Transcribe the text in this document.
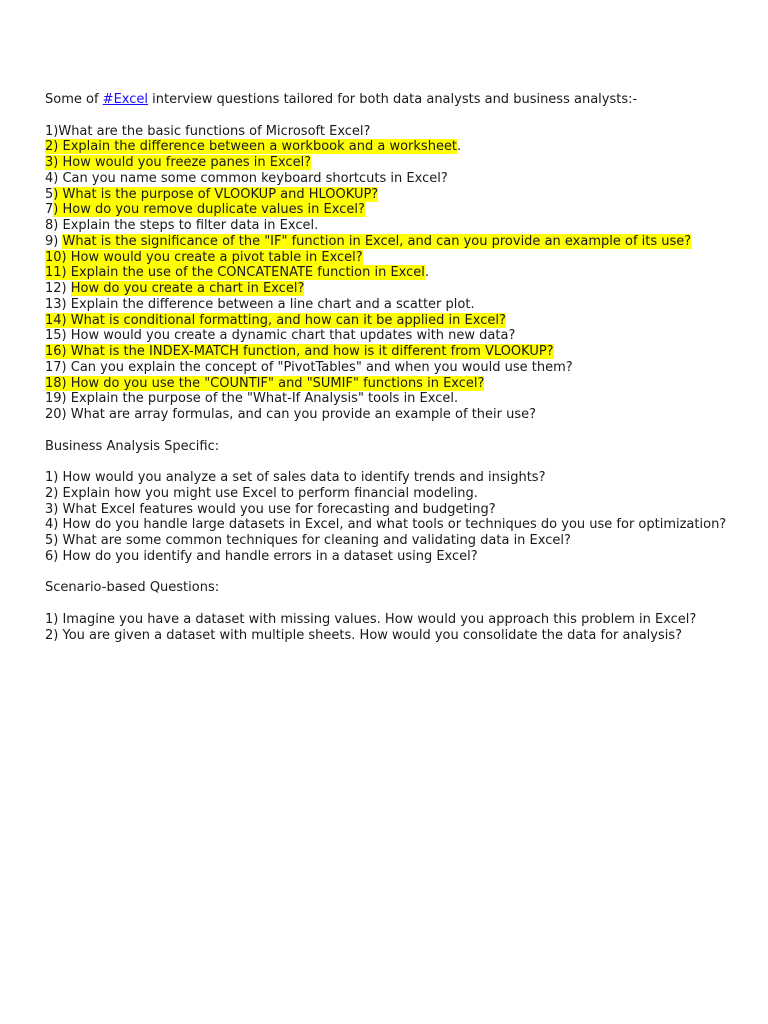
Some of #Excel interview questions tailored for both data analysts and business analysts:-
1)What are the basic functions of Microsoft Excel?
2) Explain the difference between a workbook and a worksheet.
3) How would you freeze panes in Excel?
4) Can you name some common keyboard shortcuts in Excel?
5) What is the purpose of VLOOKUP and HLOOKUP?
7) How do you remove duplicate values in Excel?
8) Explain the steps to filter data in Excel.
9) What is the significance of the "IF" function in Excel, and can you provide an example of its use?
10) How would you create a pivot table in Excel?
11) Explain the use of the CONCATENATE function in Excel.
12) How do you create a chart in Excel?
13) Explain the difference between a line chart and a scatter plot.
14) What is conditional formatting, and how can it be applied in Excel?
15) How would you create a dynamic chart that updates with new data?
16) What is the INDEX-MATCH function, and how is it different from VLOOKUP?
17) Can you explain the concept of "PivotTables" and when you would use them?
18) How do you use the "COUNTIF" and "SUMIF" functions in Excel?
19) Explain the purpose of the "What-If Analysis" tools in Excel.
20) What are array formulas, and can you provide an example of their use?
Business Analysis Specific:
1) How would you analyze a set of sales data to identify trends and insights?
2) Explain how you might use Excel to perform financial modeling.
3) What Excel features would you use for forecasting and budgeting?
4) How do you handle large datasets in Excel, and what tools or techniques do you use for optimization?
5) What are some common techniques for cleaning and validating data in Excel?
6) How do you identify and handle errors in a dataset using Excel?
Scenario-based Questions:
1) Imagine you have a dataset with missing values. How would you approach this problem in Excel?
2) You are given a dataset with multiple sheets. How would you consolidate the data for analysis?
